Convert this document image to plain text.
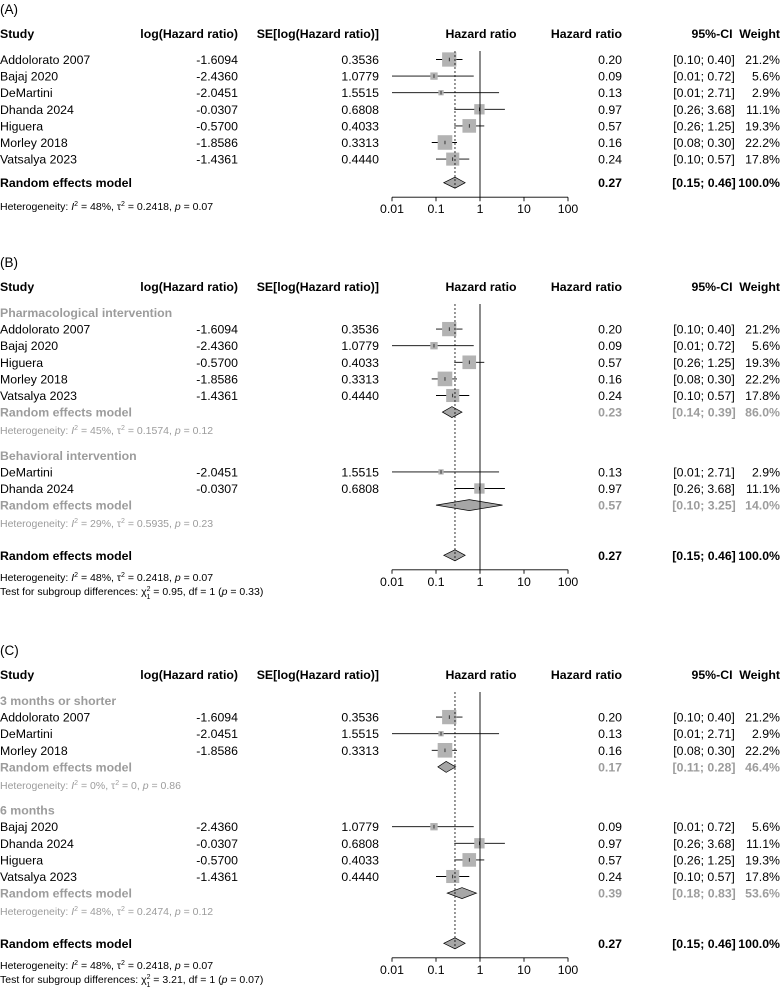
(A)
Study	log(Hazard ratio) SE[log(Hazard ratio)]	Hazard ratio	Hazard ratio	95%-CI Weight
Addolorato 2007	-1.6094	0.3536	0.20	[0.10; 0.40] 21.2%
Bajaj 2020	-2.4360	1.0779	0.09	[0.01; 0.72] 5.6%
DeMartini	-2.0451	1.5515	0.13	[0.01; 2.71] 2.9%
Dhanda 2024	-0.0307	0.6808	0.97	[0.26; 3.68] 11.1%
Higuera	-0.5700	0.4033	0.57	[0.26; 1.25] 19.3%
Morley 2018	-1.8586	0.3313	0.16	[0.08; 0.30] 22.2%
Vatsalya 2023	-1.4361	0.4440	0.24	[0.10; 0.57] 17.8%
Random effects model	0.27	[0.15; 0.46] 100.0%
Heterogeneity: $I^2 = 48\%$, $\tau^2 = 0.2418$, p = 0.07	0.01 0.1	1	10 100
(B)
Study	log(Hazard ratio) SE[log(Hazard ratio)]	Hazard ratio	Hazard ratio	95%-CI Weight
Pharmacological intervention
Addolorato 2007	-1.6094	0.3536	0.20	[0.10; 0.40] 21.2%
Bajaj 2020	-2.4360	1.0779	0.09	[0.01; 0.72] 5.6%
Higuera	-0.5700	0.4033	0.57	[0.26; 1.25] 19.3%
Morley 2018	-1.8586	0.3313	0.16	[0.08; 0.30] 22.2%
Vatsalya 2023	-1.4361	0.4440	0.24	[0.10; 0.57] 17.8%
Random effects model	0.23	[0.14; 0.39] 86.0%
Heterogeneity: $I^2 = 45\%$, $\tau^2 = 0.1574$, p = 0.12
Behavioral intervention
DeMartini	-2.0451	1.5515	0.13	[0.01; 2.71] 2.9%
Dhanda 2024	-0.0307	0.6808	0.97	[0.26; 3.68] 11.1%
Random effects model	0.57	[0.10; 3.25] 14.0%
Heterogeneity: $I^2 = 29\%$, $\tau^2 = 0.5935$, p = 0.23
Random effects model	0.27	[0.15; 0.46] 100.0%
Heterogeneity: $I^2 = 48\%$, $\tau^2 = 0.2418$, p = 0.07
Test for subgroup differences: $\chi^2$ 1 = 0.95, df = 1 (p = 0.33)
0.01 0.1	1	10 100
(C)
Study	log(Hazard ratio) SE[log(Hazard ratio)]	Hazard ratio	Hazard ratio	95%-CI Weight
3 months or shorter
Addolorato 2007	-1.6094	0.3536	0.20	[0.10; 0.40] 21.2%
DeMartini	-2.0451	1.5515	0.13	[0.01; 2.71] 2.9%
Morley 2018	-1.8586	0.3313	0.16	[0.08; 0.30] 22.2%
Random effects model	0.17	[0.11; 0.28] 46.4%
Heterogeneity: $I^2 = 0\%$, $\tau^2 = 0$, p = 0.86
6 months
Bajaj 2020	-2.4360	1.0779	0.09	[0.01; 0.72] 5.6%
Dhanda 2024	-0.0307	0.6808	0.97	[0.26; 3.68] 11.1%
Higuera	-0.5700	0.4033	0.57	[0.26; 1.25] 19.3%
Vatsalya 2023	-1.4361	0.4440	0.24	[0.10; 0.57] 17.8%
Random effects model	0.39	[0.18; 0.83] 53.6%
Heterogeneity: $I^2 = 48\%$, $\tau^2 = 0.2474$, p = 0.12
Random effects model	0.27	[0.15; 0.46] 100.0%
Heterogeneity: $I^2 = 48\%$, $\tau^2 = 0.2418$, p = 0.07
Test for subgroup differences: $\chi^2$ 1 = 3.21, df = 1 (p = 0.07)
0.01 0.1	1	10 100
